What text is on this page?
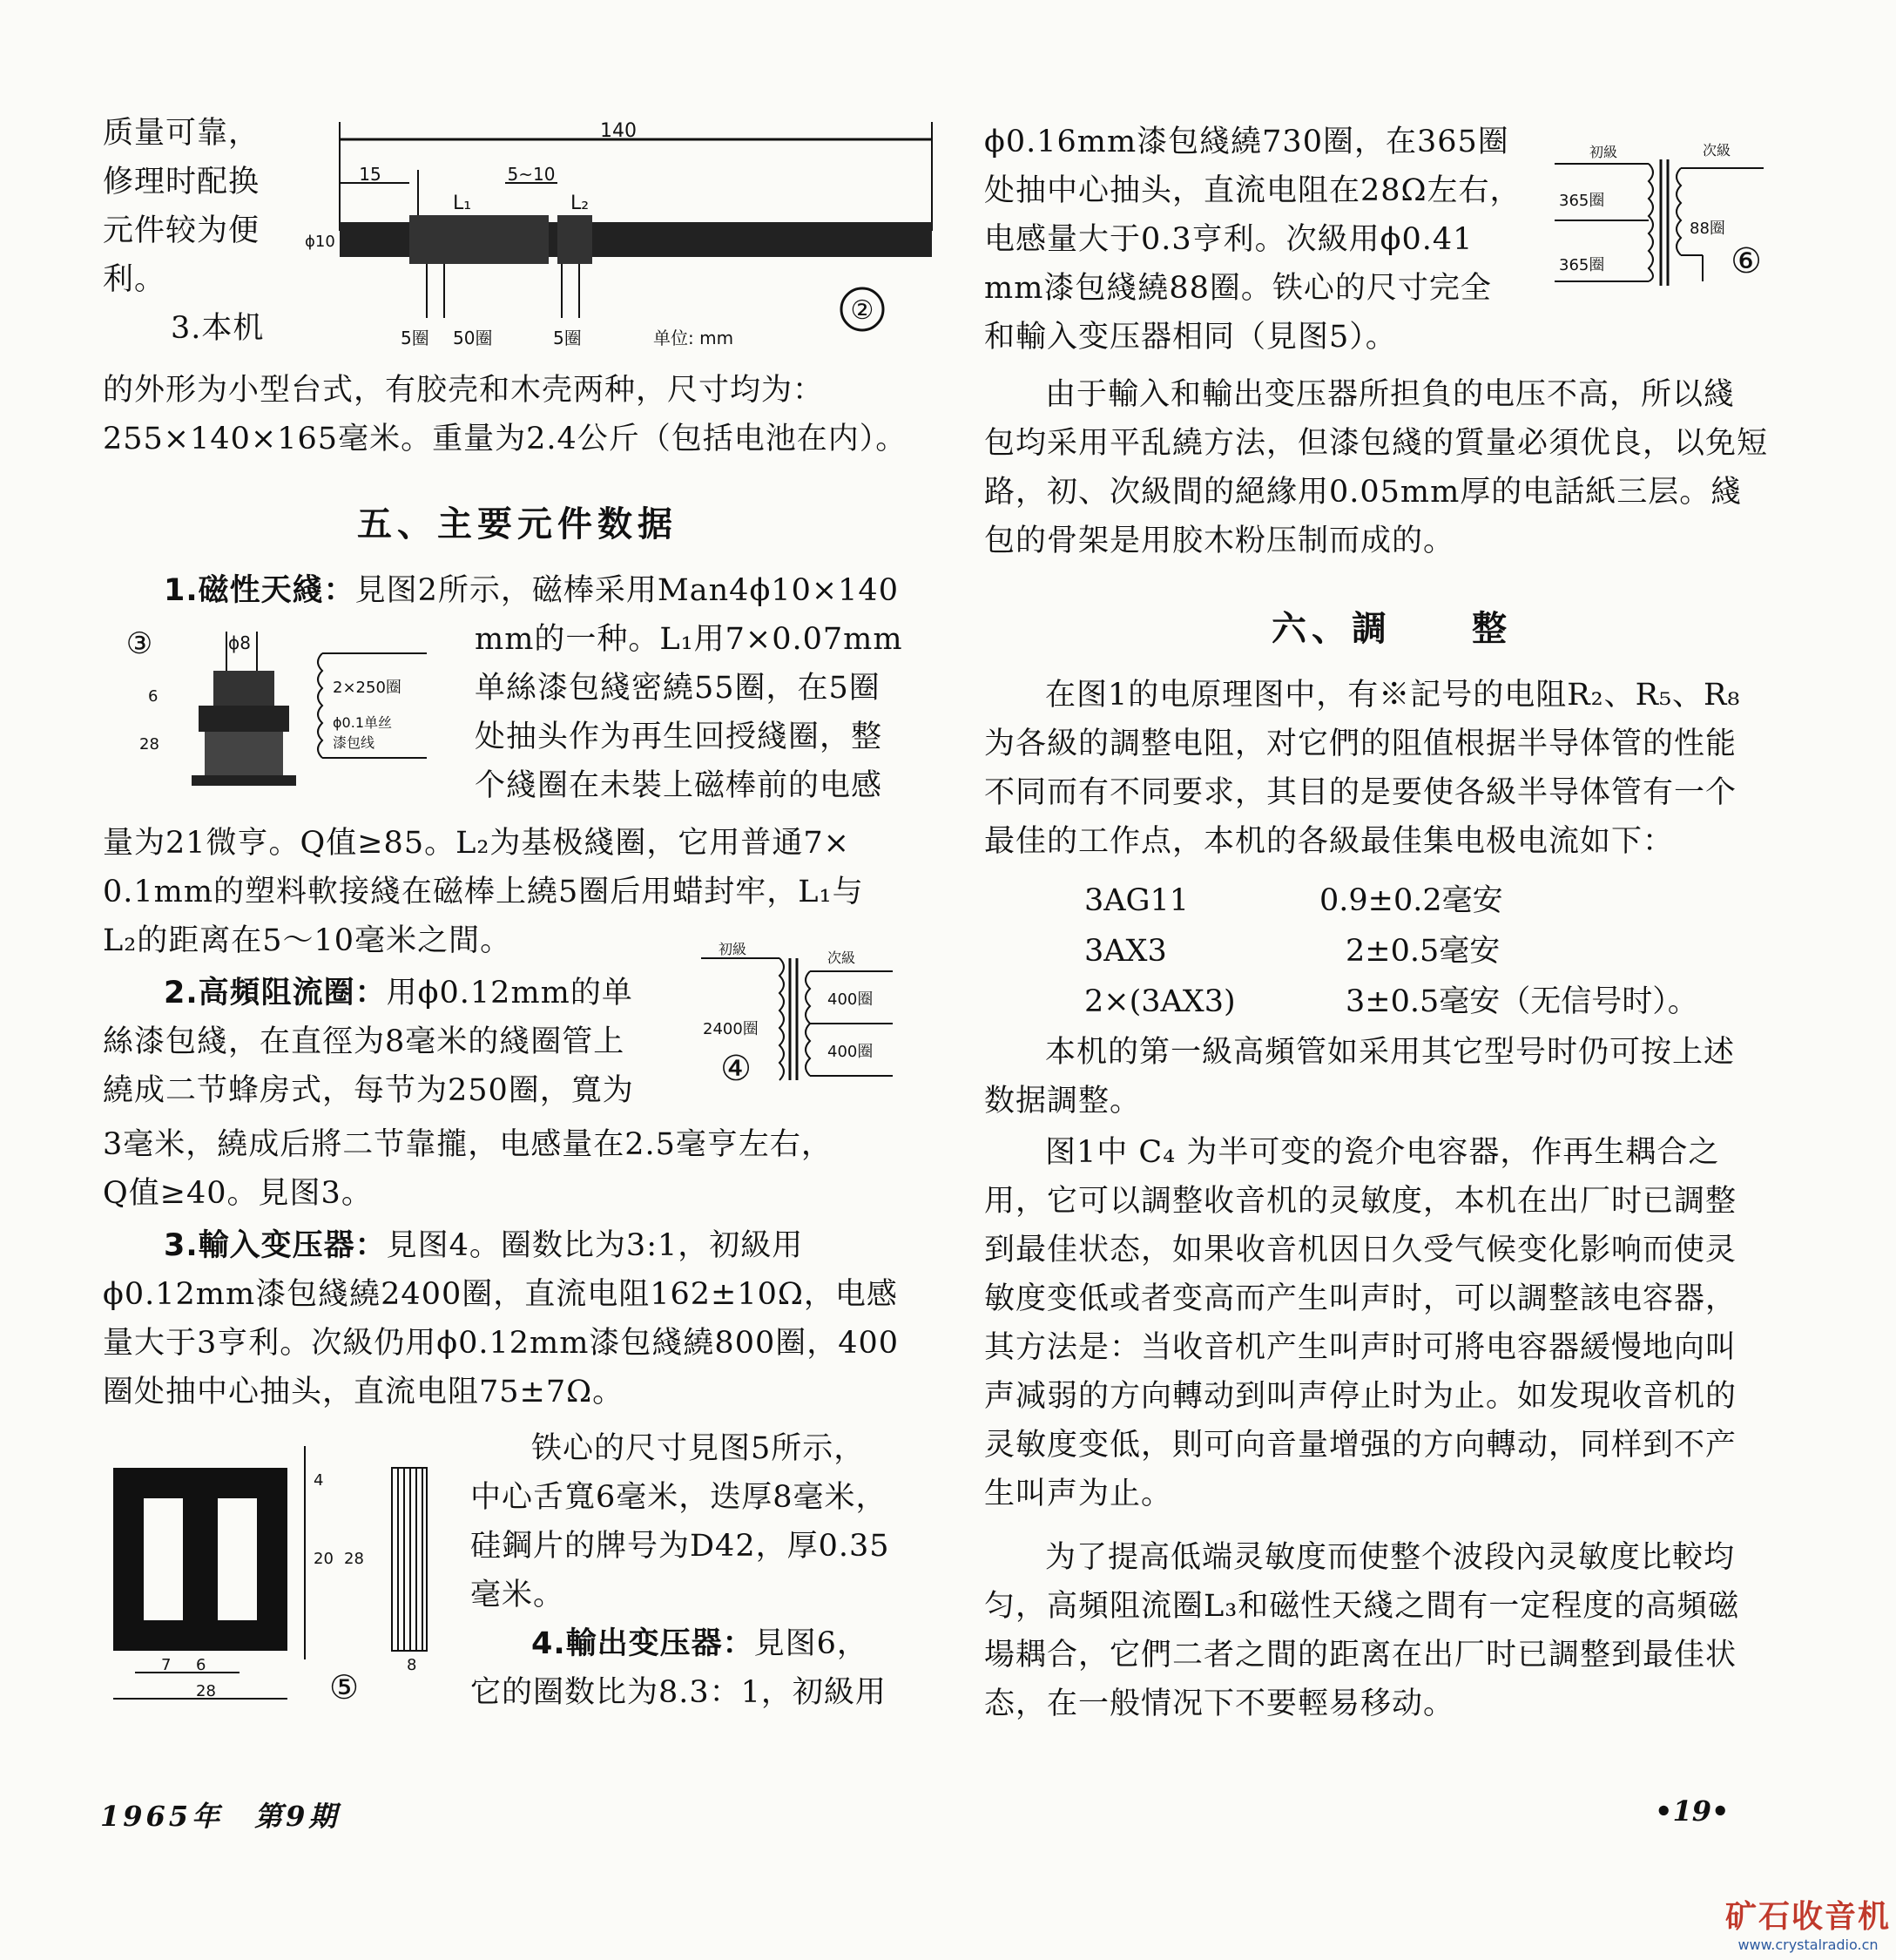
质量可靠，
修理时配换
元件较为便
利。
3.本机
的外形为小型台式，有胶壳和木壳两种，尺寸均为：
255×140×165毫米。重量为2.4公斤（包括电池在内）。
五、主要元件数据
1.磁性天綫：見图2所示，磁棒采用Man4ϕ10×140
mm的一种。L₁用7×0.07mm
单絲漆包綫密繞55圈，在5圈
处抽头作为再生回授綫圈，整
个綫圈在未裝上磁棒前的电感
量为21微亨。Q值≥85。L₂为基极綫圈，它用普通7×
0.1mm的塑料軟接綫在磁棒上繞5圈后用蜡封牢，L₁与
L₂的距离在5～10毫米之間。
2.高頻阻流圈：用ϕ0.12mm的单
絲漆包綫，在直徑为8毫米的綫圈管上
繞成二节蜂房式，每节为250圈，寬为
3毫米，繞成后將二节靠攏，电感量在2.5毫亨左右，
Q值≥40。見图3。
3.輸入变压器：見图4。圈数比为3:1，初級用
ϕ0.12mm漆包綫繞2400圈，直流电阻162±10Ω，电感
量大于3亨利。次級仍用ϕ0.12mm漆包綫繞800圈，400
圈处抽中心抽头，直流电阻75±7Ω。
铁心的尺寸見图5所示，
中心舌寬6毫米，迭厚8毫米，
硅鋼片的牌号为D42，厚0.35
毫米。
4.輸出变压器：見图6，
它的圈数比为8.3：1，初級用
ϕ0.16mm漆包綫繞730圈，在365圈
处抽中心抽头，直流电阻在28Ω左右，
电感量大于0.3亨利。次級用ϕ0.41
mm漆包綫繞88圈。铁心的尺寸完全
和輸入变压器相同（見图5）。
由于輸入和輸出变压器所担負的电压不高，所以綫
包均采用平乱繞方法，但漆包綫的質量必須优良，以免短
路，初、次級間的絕緣用0.05mm厚的电話紙三层。綫
包的骨架是用胶木粉压制而成的。
六、調　　整
在图1的电原理图中，有※記号的电阻R₂、R₅、R₈
为各級的調整电阻，对它們的阻值根据半导体管的性能
不同而有不同要求，其目的是要使各級半导体管有一个
最佳的工作点，本机的各級最佳集电极电流如下：
3AG11	0.9±0.2毫安
3AX3	2±0.5毫安
2×(3AX3)	3±0.5毫安（无信号时）。
本机的第一級高頻管如采用其它型号时仍可按上述
数据調整。
图1中 C₄ 为半可变的瓷介电容器，作再生耦合之
用，它可以調整收音机的灵敏度，本机在出厂时已調整
到最佳状态，如果收音机因日久受气候变化影响而使灵
敏度变低或者变高而产生叫声时，可以調整該电容器，
其方法是：当收音机产生叫声时可將电容器緩慢地向叫
声减弱的方向轉动到叫声停止时为止。如发現收音机的
灵敏度变低，則可向音量增强的方向轉动，同样到不产
生叫声为止。
为了提高低端灵敏度而使整个波段內灵敏度比較均
匀，高頻阻流圈L₃和磁性天綫之間有一定程度的高頻磁
場耦合，它們二者之間的距离在出厂时已調整到最佳状
态，在一般情况下不要輕易移动。
140
15	5~10
L₁	L₂
ϕ10
5圈 50圈	5圈	单位: mm
②
③	ϕ8
6
28
2×250圈
ϕ0.1单丝
漆包线
初級
次級
2400圈
400圈
400圈
④
4
20 28
7 6
28
8
⑤
初級	次級
365圈
365圈
88圈
⑥
1965年　第9期	•19•
矿石收音机
www.crystalradio.cn
